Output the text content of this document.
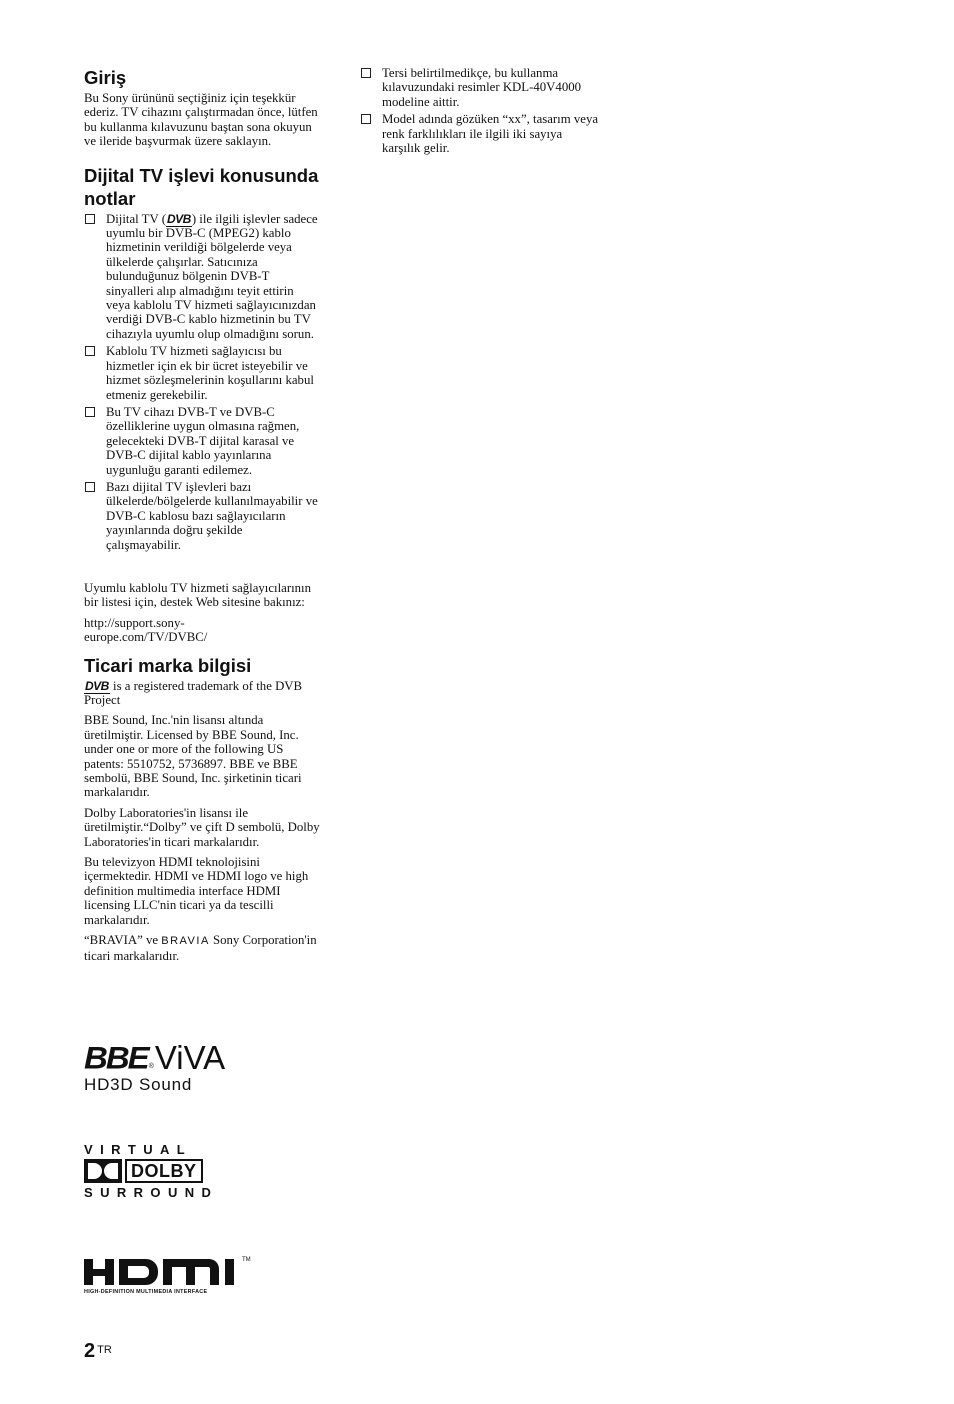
Giriş

Bu Sony ürününü seçtiğiniz için teşekkür ederiz. TV cihazını çalıştırmadan önce, lütfen bu kullanma kılavuzunu baştan sona okuyun ve ileride başvurmak üzere saklayın.

Dijital TV işlevi konusunda notlar
Dijital TV (DVB) ile ilgili işlevler sadece uyumlu bir DVB-C (MPEG2) kablo hizmetinin verildiği bölgelerde veya ülkelerde çalışırlar. Satıcınıza bulunduğunuz bölgenin DVB-T sinyalleri alıp almadığını teyit ettirin veya kablolu TV hizmeti sağlayıcınızdan verdiği DVB-C kablo hizmetinin bu TV cihazıyla uyumlu olup olmadığını sorun.
Kablolu TV hizmeti sağlayıcısı bu hizmetler için ek bir ücret isteyebilir ve hizmet sözleşmelerinin koşullarını kabul etmeniz gerekebilir.
Bu TV cihazı DVB-T ve DVB-C özelliklerine uygun olmasına rağmen, gelecekteki DVB-T dijital karasal ve DVB-C dijital kablo yayınlarına uygunluğu garanti edilemez.
Bazı dijital TV işlevleri bazı ülkelerde/bölgelerde kullanılmayabilir ve DVB-C kablosu bazı sağlayıcıların yayınlarında doğru şekilde çalışmayabilir.

Uyumlu kablolu TV hizmeti sağlayıcılarının bir listesi için, destek Web sitesine bakınız:

http://support.sony-europe.com/TV/DVBC/

Ticari marka bilgisi

DVB is a registered trademark of the DVB Project

BBE Sound, Inc.'nin lisansı altında üretilmiştir. Licensed by BBE Sound, Inc. under one or more of the following US patents: 5510752, 5736897. BBE ve BBE sembolü, BBE Sound, Inc. şirketinin ticari markalarıdır.

Dolby Laboratories'in lisansı ile üretilmiştir.“Dolby” ve çift D sembolü, Dolby Laboratories'in ticari markalarıdır.

Bu televizyon HDMI teknolojisini içermektedir. HDMI ve HDMI logo ve high definition multimedia interface HDMI licensing LLC'nin ticari ya da tescilli markalarıdır.

“BRAVIA” ve BRAVIA Sony Corporation'in ticari markalarıdır.

Tersi belirtilmedikçe, bu kullanma kılavuzundaki resimler KDL-40V4000 modeline aittir.
Model adında gözüken “xx”, tasarım veya renk farklılıkları ile ilgili iki sayıya karşılık gelir.
BBE ® ViVA
HD3D Sound
VIRTUAL
DOLBY
SURROUND
TM
HIGH-DEFINITION MULTIMEDIA INTERFACE
2 $^{TR}$
